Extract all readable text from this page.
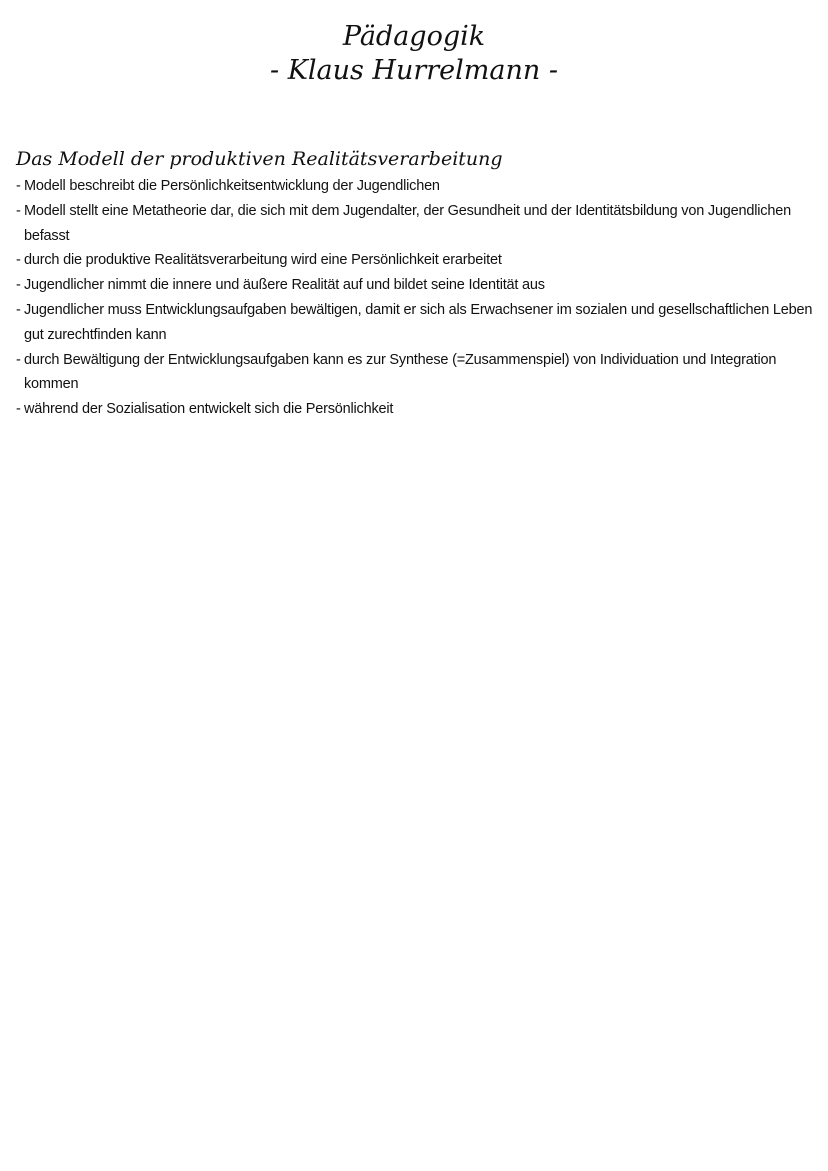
Pädagogik
- Klaus Hurrelmann -
Das Modell der produktiven Realitätsverarbeitung
- Modell beschreibt die Persönlichkeitsentwicklung der Jugendlichen
- Modell stellt eine Metatheorie dar, die sich mit dem Jugendalter, der Gesundheit und der Identitätsbildung von Jugendlichen befasst
- durch die produktive Realitätsverarbeitung wird eine Persönlichkeit erarbeitet
- Jugendlicher nimmt die innere und äußere Realität auf und bildet seine Identität aus
- Jugendlicher muss Entwicklungsaufgaben bewältigen, damit er sich als Erwachsener im sozialen und gesellschaftlichen Leben gut zurechtfinden kann
- durch Bewältigung der Entwicklungsaufgaben kann es zur Synthese (=Zusammenspiel) von Individuation und Integration kommen
- während der Sozialisation entwickelt sich die Persönlichkeit
